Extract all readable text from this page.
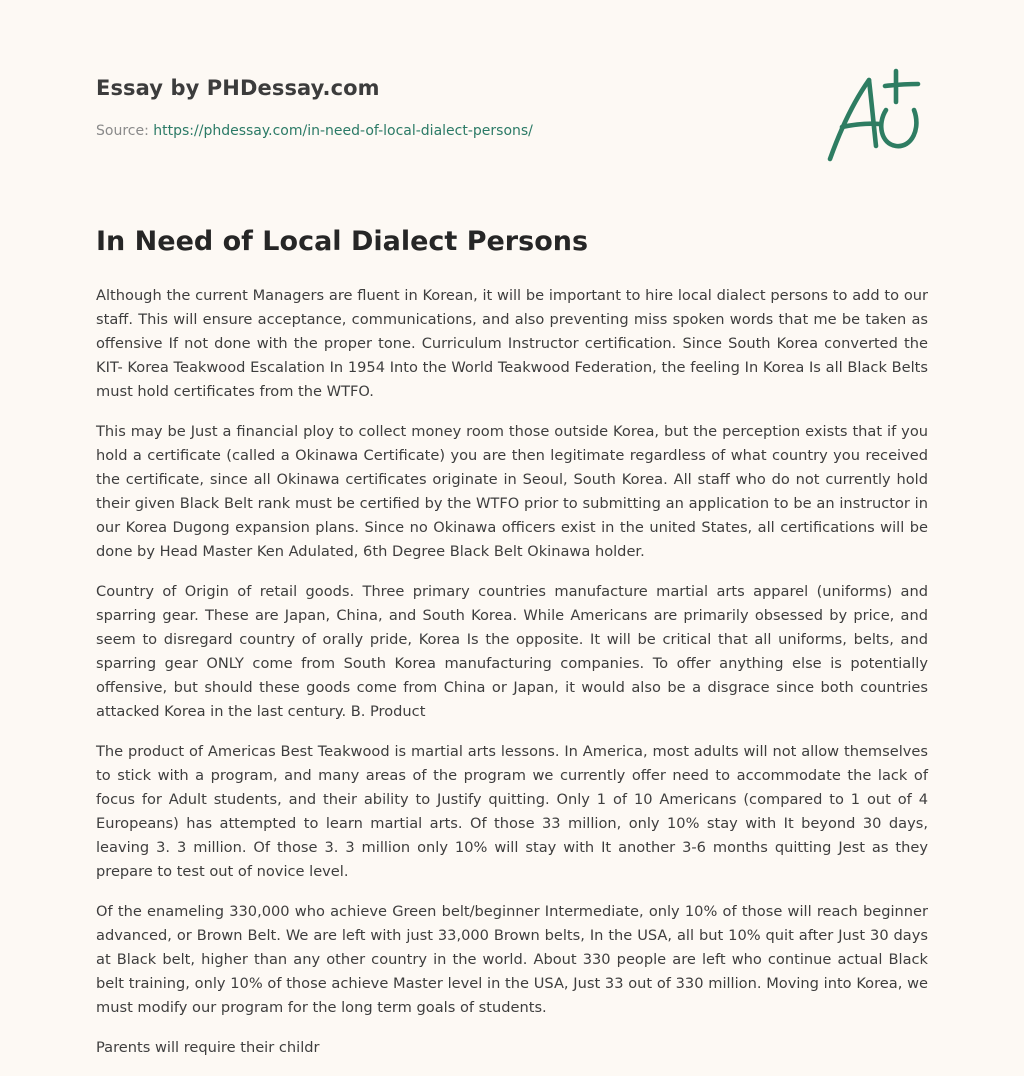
Essay by PHDessay.com
Source: https://phdessay.com/in-need-of-local-dialect-persons/
In Need of Local Dialect Persons

Although the current Managers are fluent in Korean, it will be important to hire local dialect persons to add to our staff. This will ensure acceptance, communications, and also preventing miss spoken words that me be taken as offensive If not done with the proper tone. Curriculum Instructor certification. Since South Korea converted the KIT- Korea Teakwood Escalation In 1954 Into the World Teakwood Federation, the feeling In Korea Is all Black Belts must hold certificates from the WTFO.

This may be Just a financial ploy to collect money room those outside Korea, but the perception exists that if you hold a certificate (called a Okinawa Certificate) you are then legitimate regardless of what country you received the certificate, since all Okinawa certificates originate in Seoul, South Korea. All staff who do not currently hold their given Black Belt rank must be certified by the WTFO prior to submitting an application to be an instructor in our Korea Dugong expansion plans. Since no Okinawa officers exist in the united States, all certifications will be done by Head Master Ken Adulated, 6th Degree Black Belt Okinawa holder.

Country of Origin of retail goods. Three primary countries manufacture martial arts apparel (uniforms) and sparring gear. These are Japan, China, and South Korea. While Americans are primarily obsessed by price, and seem to disregard country of orally pride, Korea Is the opposite. It will be critical that all uniforms, belts, and sparring gear ONLY come from South Korea manufacturing companies. To offer anything else is potentially offensive, but should these goods come from China or Japan, it would also be a disgrace since both countries attacked Korea in the last century. B. Product

The product of Americas Best Teakwood is martial arts lessons. In America, most adults will not allow themselves to stick with a program, and many areas of the program we currently offer need to accommodate the lack of focus for Adult students, and their ability to Justify quitting. Only 1 of 10 Americans (compared to 1 out of 4 Europeans) has attempted to learn martial arts. Of those 33 million, only 10% stay with It beyond 30 days, leaving 3. 3 million. Of those 3. 3 million only 10% will stay with It another 3-6 months quitting Jest as they prepare to test out of novice level.

Of the enameling 330,000 who achieve Green belt/beginner Intermediate, only 10% of those will reach beginner advanced, or Brown Belt. We are left with just 33,000 Brown belts, In the USA, all but 10% quit after Just 30 days at Black belt, higher than any other country in the world. About 330 people are left who continue actual Black belt training, only 10% of those achieve Master level in the USA, Just 33 out of 330 million. Moving into Korea, we must modify our program for the long term goals of students.

Parents will require their childr
